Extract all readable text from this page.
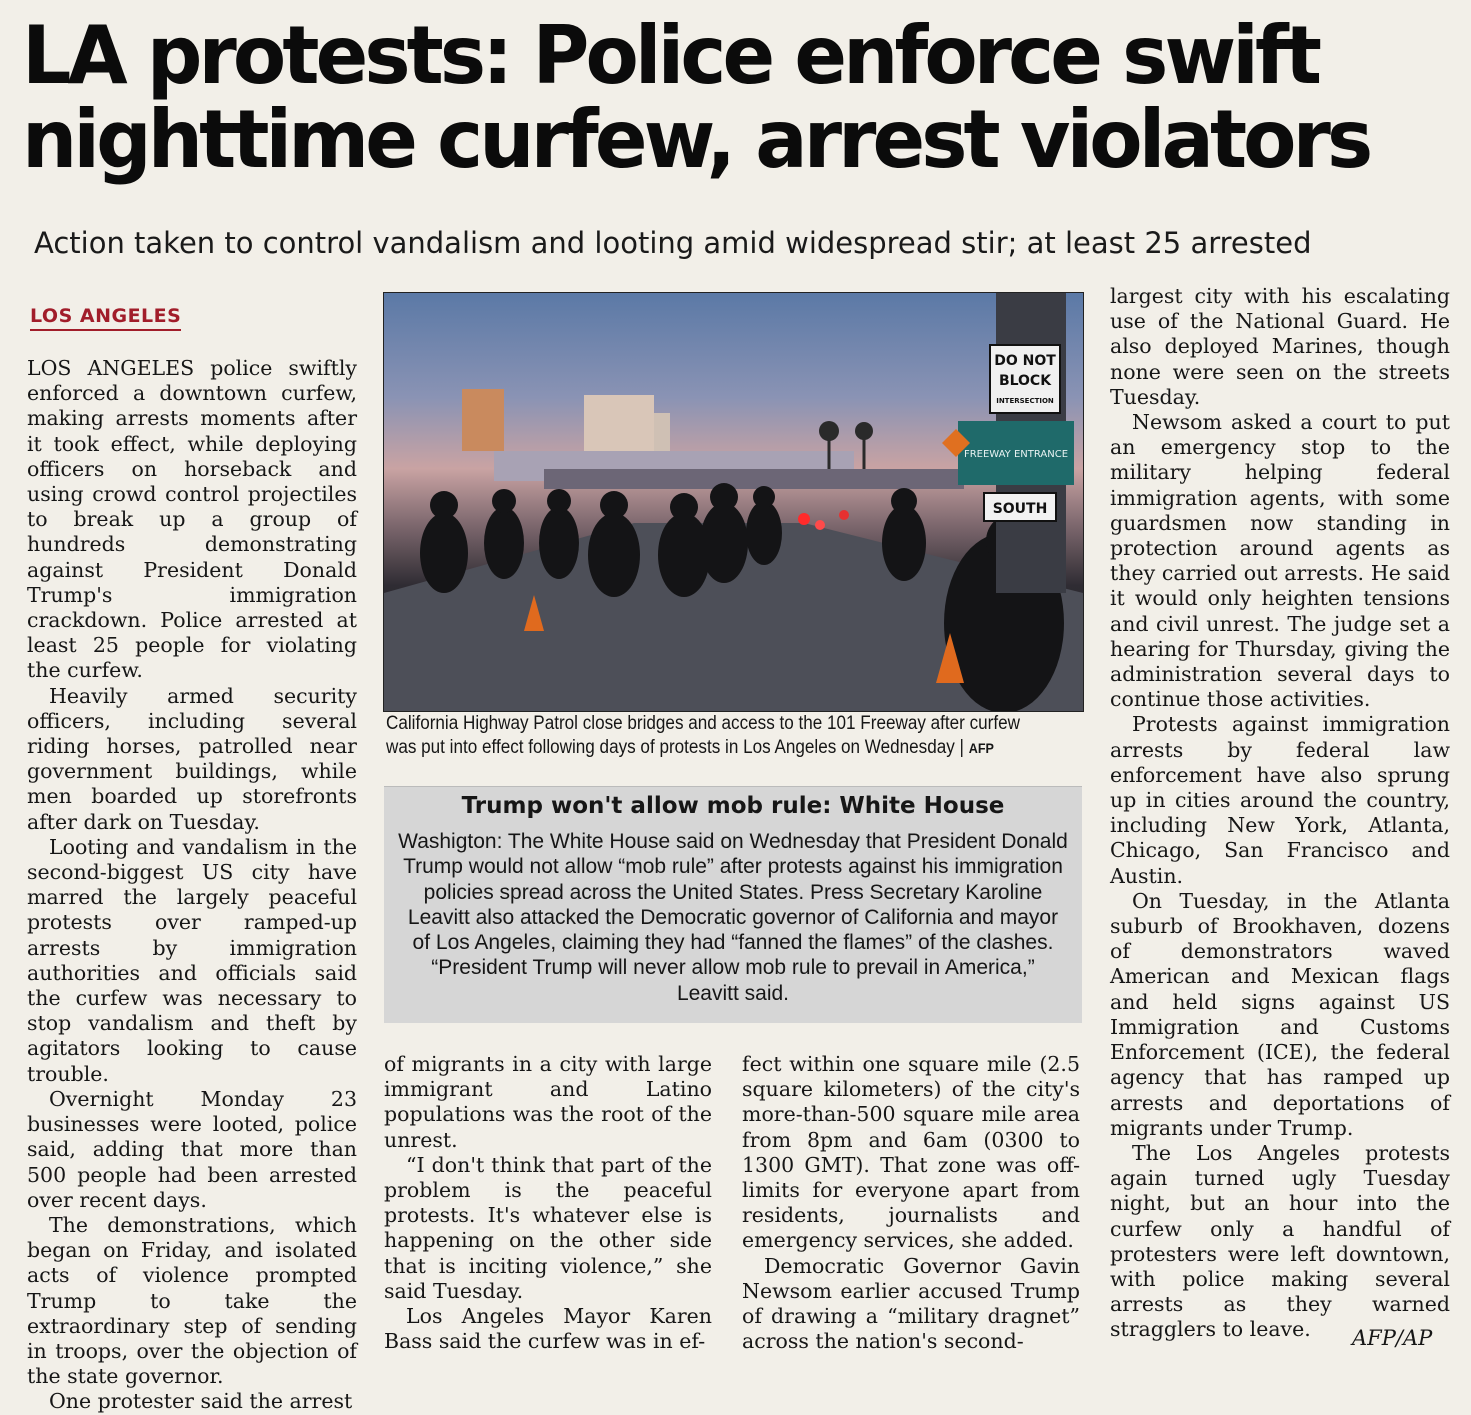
LA protests: Police enforce swift
nighttime curfew, arrest violators
Action taken to control vandalism and looting amid widespread stir; at least 25 arrested
LOS ANGELES

LOS ANGELES police swiftly enforced a downtown curfew, making arrests moments after it took effect, while deploying officers on horseback and using crowd control projectiles to break up a group of hundreds demonstrating against President Donald Trump's immigration crackdown. Police arrested at least 25 people for violating the curfew.

Heavily armed security officers, including several riding horses, patrolled near government buildings, while men boarded up storefronts after dark on Tuesday.

Looting and vandalism in the second-biggest US city have marred the largely peaceful protests over ramped-up arrests by immigration authorities and officials said the curfew was necessary to stop vandalism and theft by agitators looking to cause trouble.

Overnight Monday 23 businesses were looted, police said, adding that more than 500 people had been arrested over recent days.

The demonstrations, which began on Friday, and isolated acts of violence prompted Trump to take the extraordinary step of sending in troops, over the objection of the state governor.

One protester said the arrest

DO NOT
BLOCK
INTERSECTION
FREEWAY ENTRANCE
SOUTH
California Highway Patrol close bridges and access to the 101 Freeway after curfew
was put into effect following days of protests in Los Angeles on Wednesday | AFP
Trump won't allow mob rule: White House
Washigton: The White House said on Wednesday that President Donald Trump would not allow “mob rule” after protests against his immigration policies spread across the United States. Press Secretary Karoline Leavitt also attacked the Democratic governor of California and mayor of Los Angeles, claiming they had “fanned the flames” of the clashes. “President Trump will never allow mob rule to prevail in America,” Leavitt said.

of migrants in a city with large immigrant and Latino populations was the root of the unrest.

“I don't think that part of the problem is the peaceful protests. It's whatever else is happening on the other side that is inciting violence,” she said Tuesday.

Los Angeles Mayor Karen Bass said the curfew was in ef-

fect within one square mile (2.5 square kilometers) of the city's more-than-500 square mile area from 8pm and 6am (0300 to 1300 GMT). That zone was off-limits for everyone apart from residents, journalists and emergency services, she added.

Democratic Governor Gavin Newsom earlier accused Trump of drawing a “military dragnet” across the nation's second-

largest city with his escalating use of the National Guard. He also deployed Marines, though none were seen on the streets Tuesday.

Newsom asked a court to put an emergency stop to the military helping federal immigration agents, with some guardsmen now standing in protection around agents as they carried out arrests. He said it would only heighten tensions and civil unrest. The judge set a hearing for Thursday, giving the administration several days to continue those activities.

Protests against immigration arrests by federal law enforcement have also sprung up in cities around the country, including New York, Atlanta, Chicago, San Francisco and Austin.

On Tuesday, in the Atlanta suburb of Brookhaven, dozens of demonstrators waved American and Mexican flags and held signs against US Immigration and Customs Enforcement (ICE), the federal agency that has ramped up arrests and deportations of migrants under Trump.

The Los Angeles protests again turned ugly Tuesday night, but an hour into the curfew only a handful of protesters were left downtown, with police making several arrests as they warned stragglers to leave.	AFP/AP
